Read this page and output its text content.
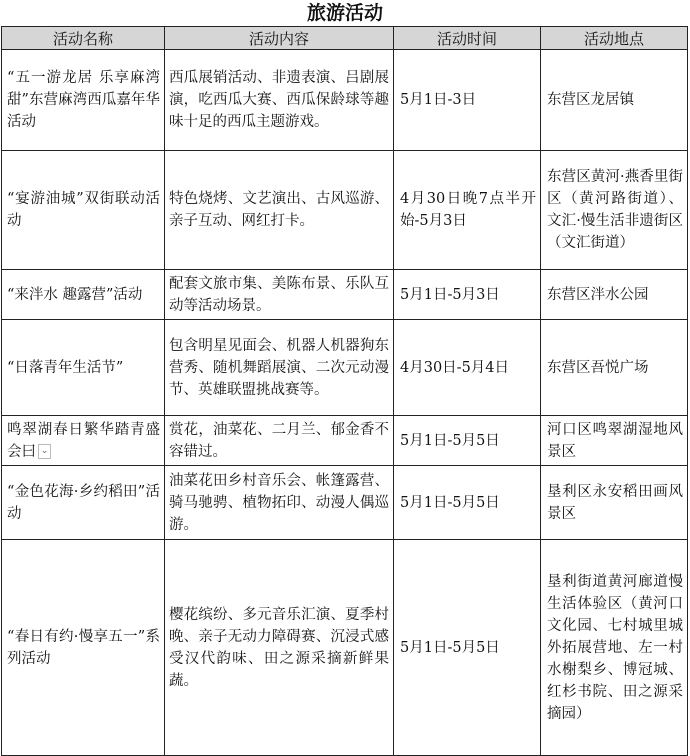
旅游活动
活动名称	活动内容	活动时间	活动地点
“五一游龙居 乐享麻湾甜”东营麻湾西瓜嘉年华活动	西瓜展销活动、非遗表演、吕剧展演，吃西瓜大赛、西瓜保龄球等趣味十足的西瓜主题游戏。	5月1日-3日	东营区龙居镇
“宴游油城”双街联动活动	特色烧烤、文艺演出、古风巡游、亲子互动、网红打卡。	4月30日晚7点半开始-5月3日	东营区黄河·燕香里街区（黄河路街道）、文汇·慢生活非遗街区（文汇街道）
“来泮水 趣露营”活动	配套文旅市集、美陈布景、乐队互动等活动场景。	5月1日-5月3日	东营区泮水公园
“日落青年生活节”	包含明星见面会、机器人机器狗东营秀、随机舞蹈展演、二次元动漫节、英雄联盟挑战赛等。	4月30日-5月4日	东营区吾悦广场
鸣翠湖春日繁华踏青盛会曰 ⌄	赏花，油菜花、二月兰、郁金香不容错过。	5月1日-5月5日	河口区鸣翠湖湿地风景区
“金色花海·乡约稻田”活动	油菜花田乡村音乐会、帐篷露营、骑马驰骋、植物拓印、动漫人偶巡游。	5月1日-5月5日	垦利区永安稻田画风景区
“春日有约·慢享五一”系列活动	樱花缤纷、多元音乐汇演、夏季村晚、亲子无动力障碍赛、沉浸式感受汉代韵味、田之源采摘新鲜果蔬。	5月1日-5月5日	垦利街道黄河廊道慢生活体验区（黄河口文化园、七村城里城外拓展营地、左一村水榭梨乡、博冠城、红杉书院、田之源采摘园）
